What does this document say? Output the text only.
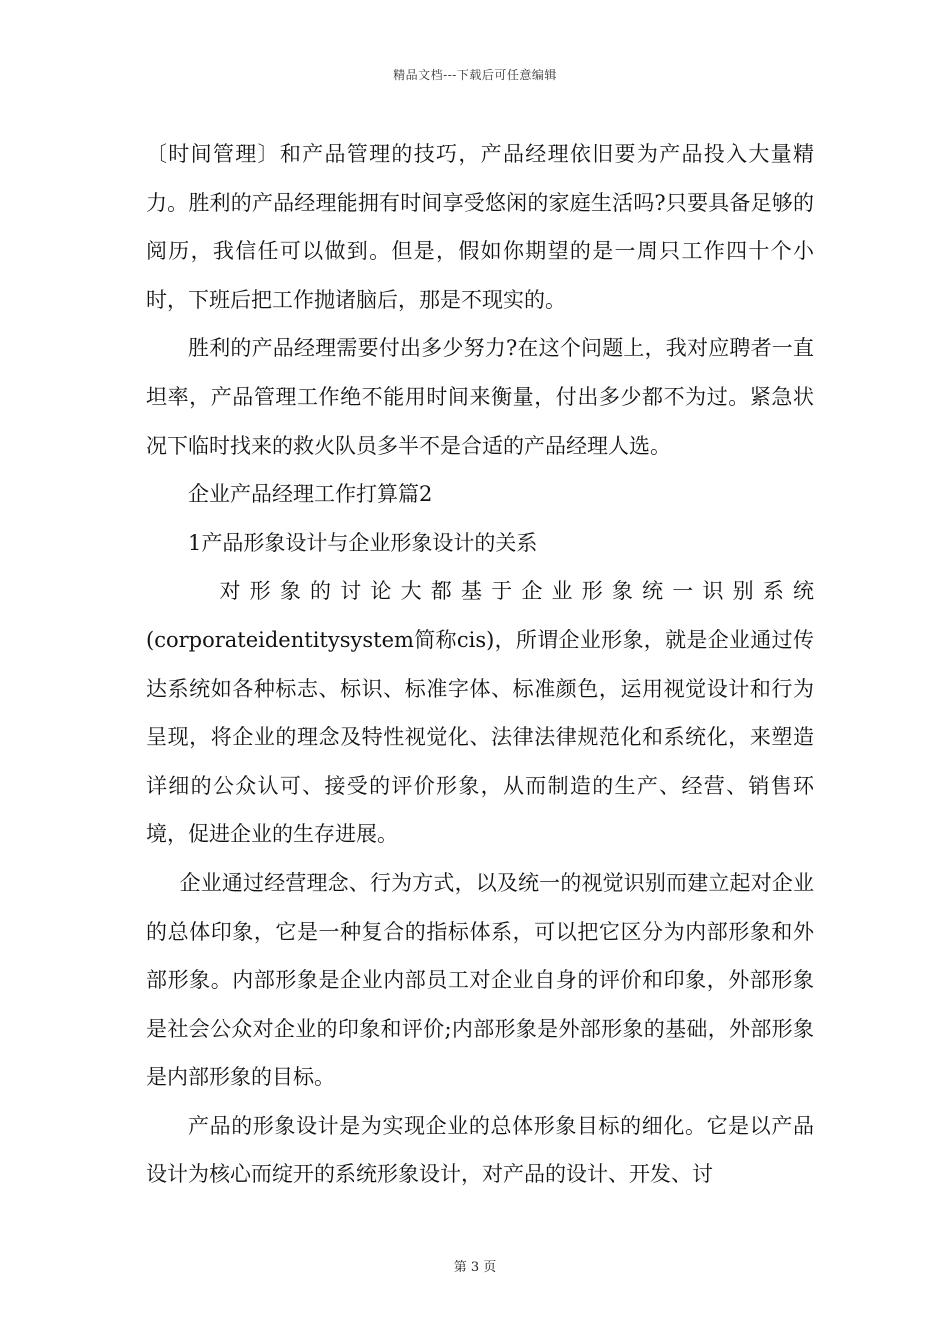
精品文档---下载后可任意编辑

〔时间管理〕和产品管理的技巧，产品经理依旧要为产品投入大量精力。胜利的产品经理能拥有时间享受悠闲的家庭生活吗?只要具备足够的阅历，我信任可以做到。但是，假如你期望的是一周只工作四十个小时，下班后把工作抛诸脑后，那是不现实的。

胜利的产品经理需要付出多少努力?在这个问题上，我对应聘者一直坦率，产品管理工作绝不能用时间来衡量，付出多少都不为过。紧急状况下临时找来的救火队员多半不是合适的产品经理人选。

企业产品经理工作打算篇2

1产品形象设计与企业形象设计的关系

对形象的讨论大都基于企业形象统一识别系统(corporateidentitysystem简称cis)，所谓企业形象，就是企业通过传达系统如各种标志、标识、标准字体、标准颜色，运用视觉设计和行为呈现，将企业的理念及特性视觉化、法律法律规范化和系统化，来塑造详细的公众认可、接受的评价形象，从而制造的生产、经营、销售环境，促进企业的生存进展。

企业通过经营理念、行为方式，以及统一的视觉识别而建立起对企业的总体印象，它是一种复合的指标体系，可以把它区分为内部形象和外部形象。内部形象是企业内部员工对企业自身的评价和印象，外部形象是社会公众对企业的印象和评价;内部形象是外部形象的基础，外部形象是内部形象的目标。

产品的形象设计是为实现企业的总体形象目标的细化。它是以产品设计为核心而绽开的系统形象设计，对产品的设计、开发、讨

第 3 页
